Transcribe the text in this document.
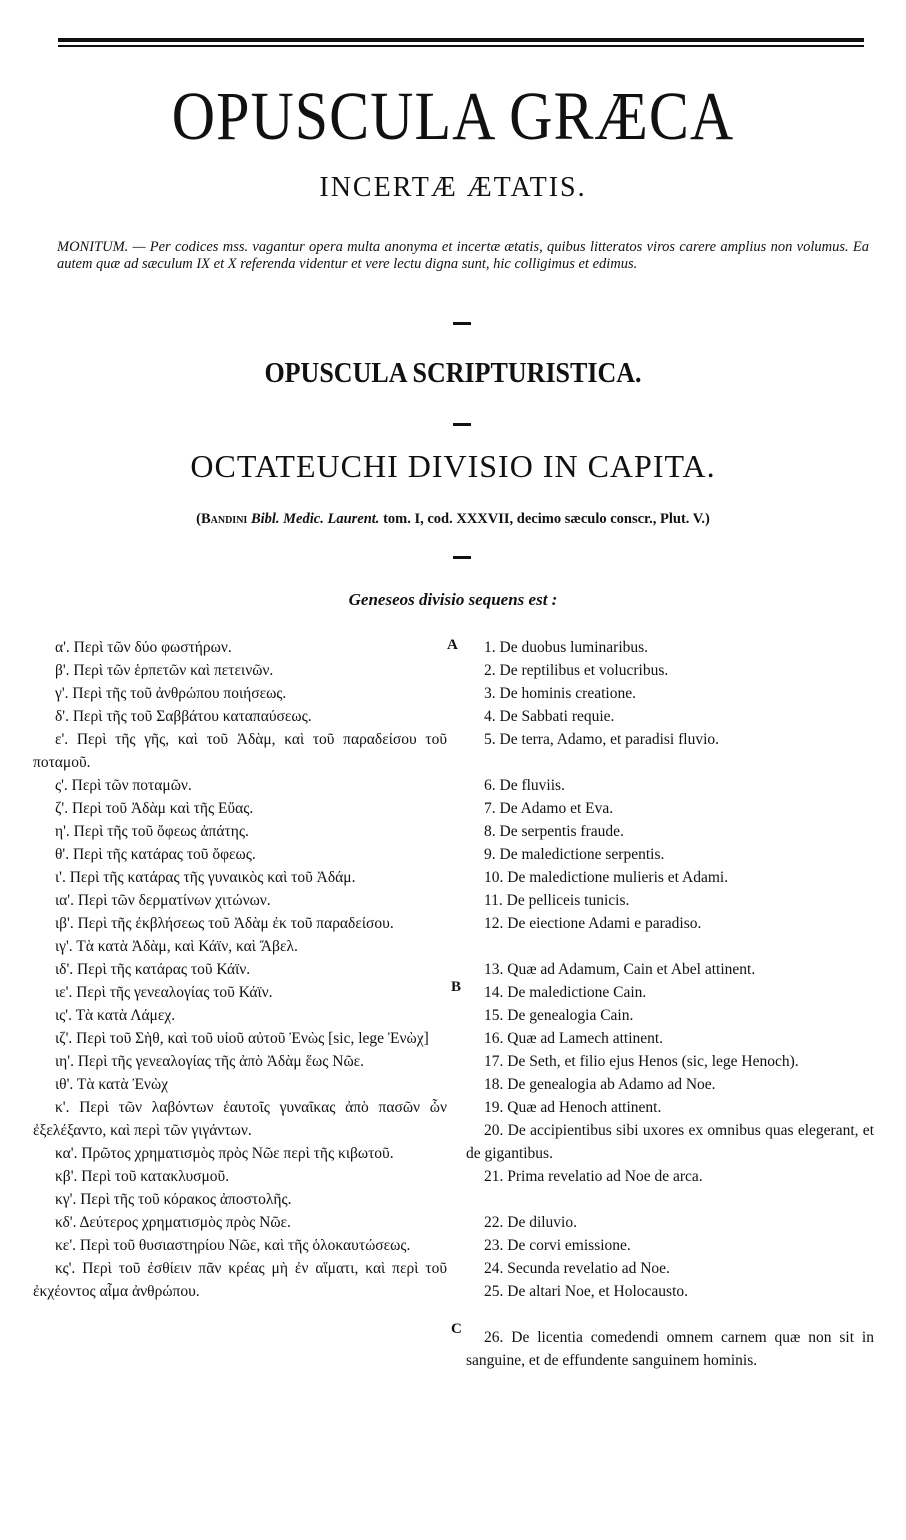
OPUSCULA GRÆCA
INCERTÆ ÆTATIS.
MONITUM. — Per codices mss. vagantur opera multa anonyma et incertæ ætatis, quibus litteratos viros carere amplius non volumus. Ea autem quæ ad sæculum IX et X referenda videntur et vere lectu digna sunt, hic colligimus et edimus.
OPUSCULA SCRIPTURISTICA.
OCTATEUCHI DIVISIO IN CAPITA.
(Bandini Bibl. Medic. Laurent. tom. I, cod. XXXVII, decimo sæculo conscr., Plut. V.)
Geneseos divisio sequens est :
α'. Περὶ τῶν δύο φωστήρων.
β'. Περὶ τῶν ἑρπετῶν καὶ πετεινῶν.
γ'. Περὶ τῆς τοῦ ἀνθρώπου ποιήσεως.
δ'. Περὶ τῆς τοῦ Σαββάτου καταπαύσεως.
ε'. Περὶ τῆς γῆς, καὶ τοῦ Ἀδὰμ, καὶ τοῦ παραδείσου τοῦ ποταμοῦ.
ς'. Περὶ τῶν ποταμῶν.
ζ'. Περὶ τοῦ Ἀδὰμ καὶ τῆς Εὔας.
η'. Περὶ τῆς τοῦ ὄφεως ἀπάτης.
θ'. Περὶ τῆς κατάρας τοῦ ὄφεως.
ι'. Περὶ τῆς κατάρας τῆς γυναικὸς καὶ τοῦ Ἀδάμ.
ια'. Περὶ τῶν δερματίνων χιτώνων.
ιβ'. Περὶ τῆς ἐκβλήσεως τοῦ Ἀδὰμ ἐκ τοῦ παραδείσου.
ιγ'. Τὰ κατὰ Ἀδὰμ, καὶ Κάϊν, καὶ Ἄβελ.
ιδ'. Περὶ τῆς κατάρας τοῦ Κάϊν.
ιε'. Περὶ τῆς γενεαλογίας τοῦ Κάϊν.
ις'. Τὰ κατὰ Λάμεχ.
ιζ'. Περὶ τοῦ Σὴθ, καὶ τοῦ υἱοῦ αὐτοῦ Ἐνὼς [sic, lege Ἐνὼχ]
ιη'. Περὶ τῆς γενεαλογίας τῆς ἀπὸ Ἀδὰμ ἕως Νῶε.
ιθ'. Τὰ κατὰ Ἐνὼχ
κ'. Περὶ τῶν λαβόντων ἑαυτοῖς γυναῖκας ἀπὸ πασῶν ὧν ἐξελέξαντο, καὶ περὶ τῶν γιγάντων.
κα'. Πρῶτος χρηματισμὸς πρὸς Νῶε περὶ τῆς κιβωτοῦ.
κβ'. Περὶ τοῦ κατακλυσμοῦ.
κγ'. Περὶ τῆς τοῦ κόρακος ἀποστολῆς.
κδ'. Δεύτερος χρηματισμὸς πρὸς Νῶε.
κε'. Περὶ τοῦ θυσιαστηρίου Νῶε, καὶ τῆς ὁλοκαυτώσεως.
κς'. Περὶ τοῦ ἐσθίειν πᾶν κρέας μὴ ἐν αἵματι, καὶ περὶ τοῦ ἐκχέοντος αἷμα ἀνθρώπου.
1. De duobus luminaribus.
2. De reptilibus et volucribus.
3. De hominis creatione.
4. De Sabbati requie.
5. De terra, Adamo, et paradisi fluvio.
6. De fluviis.
7. De Adamo et Eva.
8. De serpentis fraude.
9. De maledictione serpentis.
10. De maledictione mulieris et Adami.
11. De pelliceis tunicis.
12. De eiectione Adami e paradiso.
13. Quæ ad Adamum, Cain et Abel attinent.
14. De maledictione Cain.
15. De genealogia Cain.
16. Quæ ad Lamech attinent.
17. De Seth, et filio ejus Henos (sic, lege Henoch).
18. De genealogia ab Adamo ad Noe.
19. Quæ ad Henoch attinent.
20. De accipientibus sibi uxores ex omnibus quas elegerant, et de gigantibus.
21. Prima revelatio ad Noe de arca.
22. De diluvio.
23. De corvi emissione.
24. Secunda revelatio ad Noe.
25. De altari Noe, et Holocausto.
26. De licentia comedendi omnem carnem quæ non sit in sanguine, et de effundente sanguinem hominis.
A
B
C
